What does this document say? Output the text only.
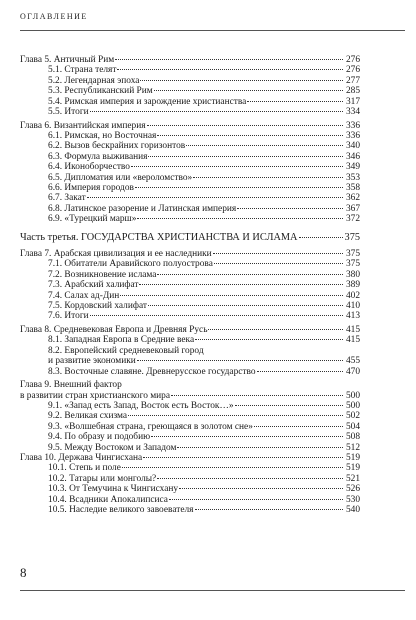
ОГЛАВЛЕНИЕ
Глава 5. Античный Рим	276
5.1. Страна телят	276
5.2. Легендарная эпоха	277
5.3. Республиканский Рим	285
5.4. Римская империя и зарождение христианства	317
5.5. Итоги	334
Глава 6. Византийская империя	336
6.1. Римская, но Восточная	336
6.2. Вызов бескрайних горизонтов	340
6.3. Формула выживания	346
6.4. Иконоборчество	349
6.5. Дипломатия или «вероломство»	353
6.6. Империя городов	358
6.7. Закат	362
6.8. Латинское разорение и Латинская империя	367
6.9. «Турецкий марш»	372
Часть третья. ГОСУДАРСТВА ХРИСТИАНСТВА И ИСЛАМА	375
Глава 7. Арабская цивилизация и ее наследники	375
7.1. Обитатели Аравийского полуострова	375
7.2. Возникновение ислама	380
7.3. Арабский халифат	389
7.4. Салах ад-Дин	402
7.5. Кордовский халифат	410
7.6. Итоги	413
Глава 8. Средневековая Европа и Древняя Русь	415
8.1. Западная Европа в Средние века	415
8.2. Европейский средневековый город
и развитие экономики	455
8.3. Восточные славяне. Древнерусское государство	470
Глава 9. Внешний фактор
в развитии стран христианского мира	500
9.1. «Запад есть Запад, Восток есть Восток…»	500
9.2. Великая схизма	502
9.3. «Волшебная страна, греющаяся в золотом сне»	504
9.4. По образу и подобию	508
9.5. Между Востоком и Западом	512
Глава 10. Держава Чингисхана	519
10.1. Степь и поле	519
10.2. Татары или монголы?	521
10.3. От Темучина к Чингисхану	526
10.4. Всадники Апокалипсиса	530
10.5. Наследие великого завоевателя	540
8
